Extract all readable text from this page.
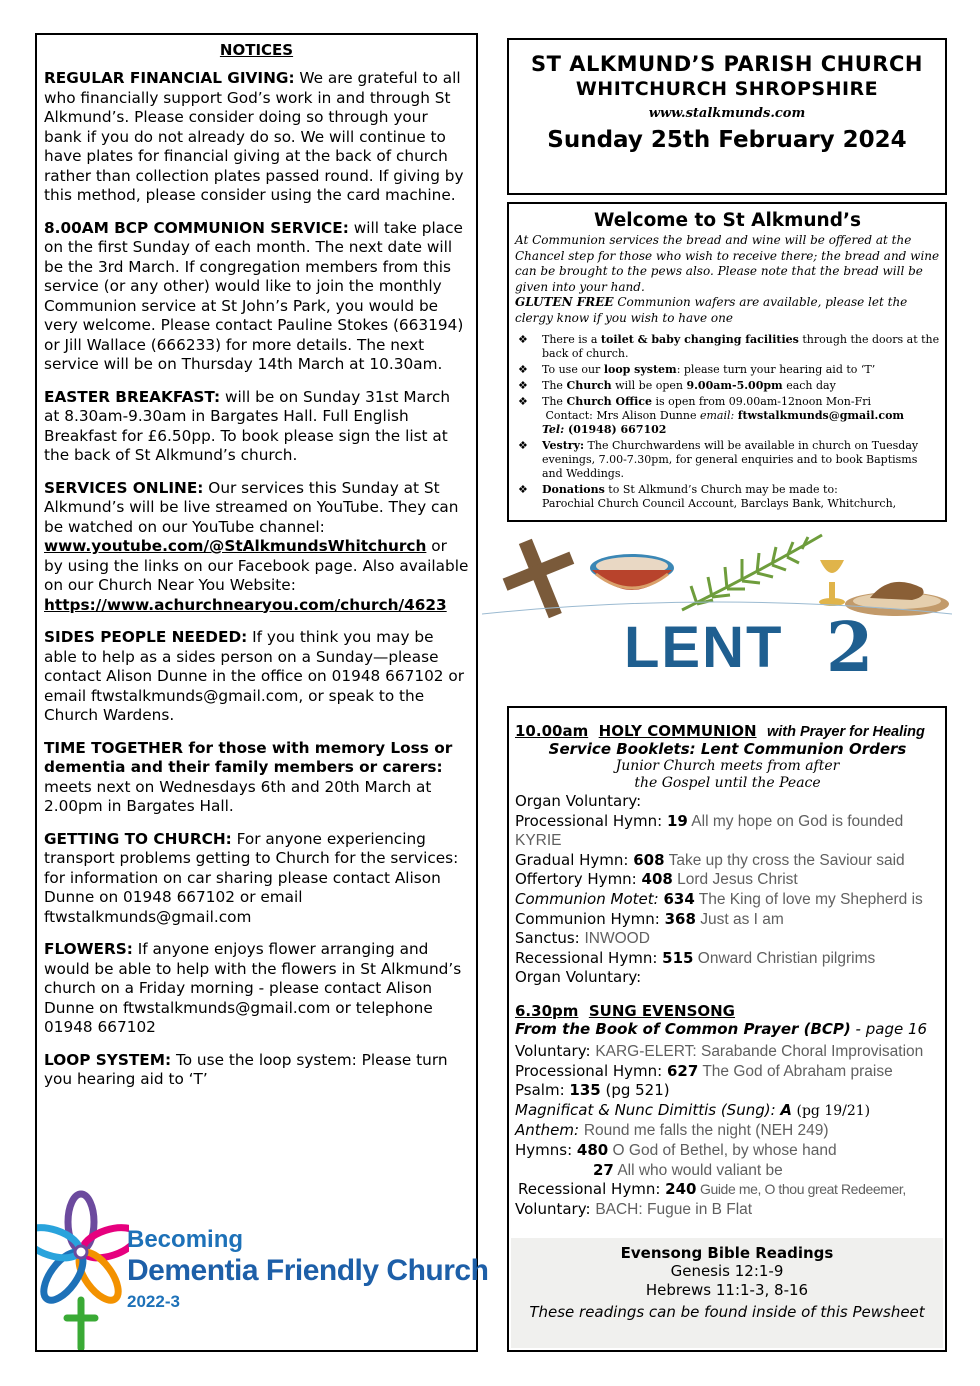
NOTICES

REGULAR FINANCIAL GIVING: We are grateful to all who financially support God’s work in and through St Alkmund’s. Please consider doing so through your bank if you do not already do so. We will continue to have plates for financial giving at the back of church rather than collection plates passed round. If giving by this method, please consider using the card machine.

8.00AM BCP COMMUNION SERVICE: will take place on the first Sunday of each month. The next date will be the 3rd March. If congregation members from this service (or any other) would like to join the monthly Communion service at St John’s Park, you would be very welcome. Please contact Pauline Stokes (663194) or Jill Wallace (666233) for more details. The next service will be on Thursday 14th March at 10.30am.

EASTER BREAKFAST: will be on Sunday 31st March at 8.30am-9.30am in Bargates Hall. Full English Breakfast for £6.50pp. To book please sign the list at the back of St Alkmund’s church.

SERVICES ONLINE: Our services this Sunday at St Alkmund’s will be live streamed on YouTube. They can be watched on our YouTube channel: www.youtube.com/@StAlkmundsWhitchurch or by using the links on our Facebook page. Also available on our Church Near You Website: https://www.achurchnearyou.com/church/4623

SIDES PEOPLE NEEDED: If you think you may be able to help as a sides person on a Sunday—please contact Alison Dunne in the office on 01948 667102 or email ftwstalkmunds@gmail.com, or speak to the Church Wardens.

TIME TOGETHER for those with memory Loss or dementia and their family members or carers: meets next on Wednesdays 6th and 20th March at 2.00pm in Bargates Hall.

GETTING TO CHURCH: For anyone experiencing transport problems getting to Church for the services: for information on car sharing please contact Alison Dunne on 01948 667102 or email ftwstalkmunds@gmail.com

FLOWERS: If anyone enjoys flower arranging and would be able to help with the flowers in St Alkmund’s church on a Friday morning - please contact Alison Dunne on ftwstalkmunds@gmail.com or telephone 01948 667102

LOOP SYSTEM: To use the loop system: Please turn you hearing aid to ‘T’

Becoming
Dementia Friendly Church
2022-3
ST ALKMUND’S PARISH CHURCH
WHITCHURCH SHROPSHIRE
www.stalkmunds.com
Sunday 25th February 2024
Welcome to St Alkmund’s
At Communion services the bread and wine will be offered at the Chancel step for those who wish to receive there; the bread and wine can be brought to the pews also. Please note that the bread will be given into your hand.
GLUTEN FREE Communion wafers are available, please let the clergy know if you wish to have one
❖ There is a toilet & baby changing facilities through the doors at the back of church.
❖ To use our loop system: please turn your hearing aid to ‘T’
❖ The Church will be open 9.00am-5.00pm each day
❖ The Church Office is open from 09.00am-12noon Mon-Fri
Contact: Mrs Alison Dunne email: ftwstalkmunds@gmail.com
Tel: (01948) 667102
❖ Vestry: The Churchwardens will be available in church on Tuesday evenings, 7.00-7.30pm, for general enquiries and to book Baptisms and Weddings.
❖ Donations to St Alkmund’s Church may be made to:
Parochial Church Council Account, Barclays Bank, Whitchurch,
LENT 2
10.00am HOLY COMMUNION with Prayer for Healing
Service Booklets: Lent Communion Orders
Junior Church meets from after
the Gospel until the Peace
Organ Voluntary:
Processional Hymn: 19 All my hope on God is founded
KYRIE
Gradual Hymn: 608 Take up thy cross the Saviour said
Offertory Hymn: 408 Lord Jesus Christ
Communion Motet: 634 The King of love my Shepherd is
Communion Hymn: 368 Just as I am
Sanctus: INWOOD
Recessional Hymn: 515 Onward Christian pilgrims
Organ Voluntary:
6.30pm SUNG EVENSONG
From the Book of Common Prayer (BCP) - page 16
Voluntary: KARG-ELERT: Sarabande Choral Improvisation
Processional Hymn: 627 The God of Abraham praise
Psalm: 135 (pg 521)
Magnificat & Nunc Dimittis (Sung): A (pg 19/21)
Anthem: Round me falls the night (NEH 249)
Hymns: 480 O God of Bethel, by whose hand
27 All who would valiant be
Recessional Hymn: 240 Guide me, O thou great Redeemer,
Voluntary: BACH: Fugue in B Flat
Evensong Bible Readings
Genesis 12:1-9
Hebrews 11:1-3, 8-16
These readings can be found inside of this Pewsheet
